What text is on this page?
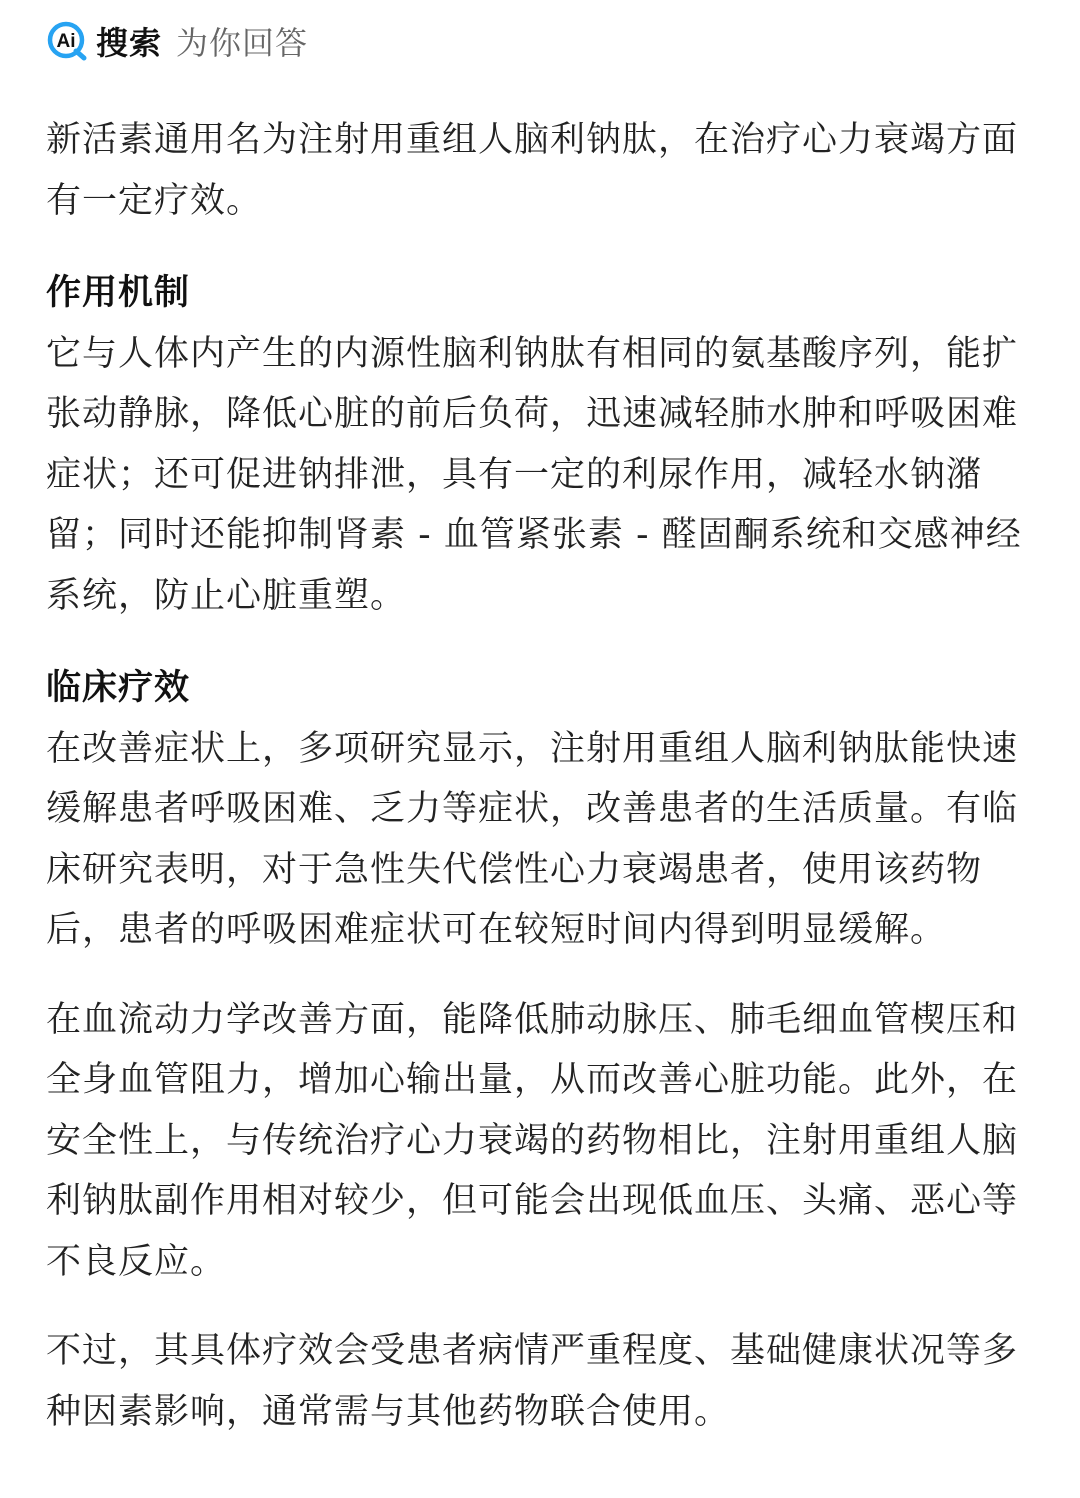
Ai 搜索 为你回答

新活素通用名为注射用重组人脑利钠肽，在治疗心力衰竭方面有一定疗效。

作用机制

它与人体内产生的内源性脑利钠肽有相同的氨基酸序列，能扩张动静脉，降低心脏的前后负荷，迅速减轻肺水肿和呼吸困难症状；还可促进钠排泄，具有一定的利尿作用，减轻水钠潴留；同时还能抑制肾素 - 血管紧张素 - 醛固酮系统和交感神经系统，防止心脏重塑。

临床疗效

在改善症状上，多项研究显示，注射用重组人脑利钠肽能快速缓解患者呼吸困难、乏力等症状，改善患者的生活质量。有临床研究表明，对于急性失代偿性心力衰竭患者，使用该药物后，患者的呼吸困难症状可在较短时间内得到明显缓解。

在血流动力学改善方面，能降低肺动脉压、肺毛细血管楔压和全身血管阻力，增加心输出量，从而改善心脏功能。此外，在安全性上，与传统治疗心力衰竭的药物相比，注射用重组人脑利钠肽副作用相对较少，但可能会出现低血压、头痛、恶心等不良反应。

不过，其具体疗效会受患者病情严重程度、基础健康状况等多种因素影响，通常需与其他药物联合使用。
